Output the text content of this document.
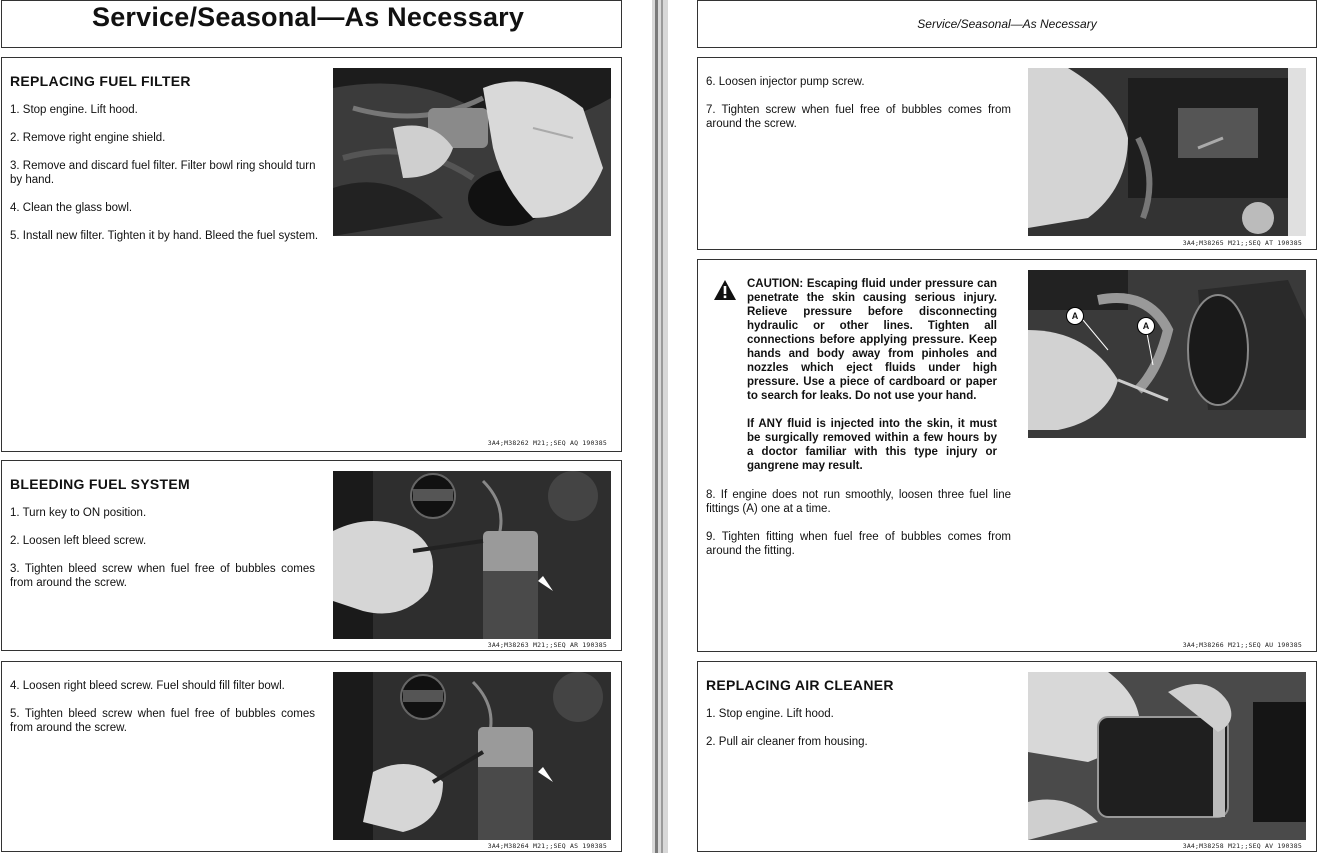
Service/Seasonal—As Necessary
REPLACING FUEL FILTER
1. Stop engine. Lift hood.
2. Remove right engine shield.
3. Remove and discard fuel filter. Filter bowl ring should turn by hand.
4. Clean the glass bowl.
5. Install new filter. Tighten it by hand. Bleed the fuel system.
3A4;M38262 M21;;SEQ AQ 190385
BLEEDING FUEL SYSTEM
1. Turn key to ON position.
2. Loosen left bleed screw.
3. Tighten bleed screw when fuel free of bubbles comes from around the screw.
3A4;M38263 M21;;SEQ AR 190385
4. Loosen right bleed screw. Fuel should fill filter bowl.
5. Tighten bleed screw when fuel free of bubbles comes from around the screw.
3A4;M38264 M21;;SEQ AS 190385
Service/Seasonal—As Necessary
6. Loosen injector pump screw.
7. Tighten screw when fuel free of bubbles comes from around the screw.
3A4;M38265 M21;;SEQ AT 190385
CAUTION: Escaping fluid under pressure can penetrate the skin causing serious injury. Relieve pressure before disconnecting hydraulic or other lines. Tighten all connections before applying pressure. Keep hands and body away from pinholes and nozzles which eject fluids under high pressure. Use a piece of cardboard or paper to search for leaks. Do not use your hand.
If ANY fluid is injected into the skin, it must be surgically removed within a few hours by a doctor familiar with this type injury or gangrene may result.
8. If engine does not run smoothly, loosen three fuel line fittings (A) one at a time.
9. Tighten fitting when fuel free of bubbles comes from around the fitting.
A
A
3A4;M38266 M21;;SEQ AU 190385
REPLACING AIR CLEANER
1. Stop engine. Lift hood.
2. Pull air cleaner from housing.
3A4;M38258 M21;;SEQ AV 190385
